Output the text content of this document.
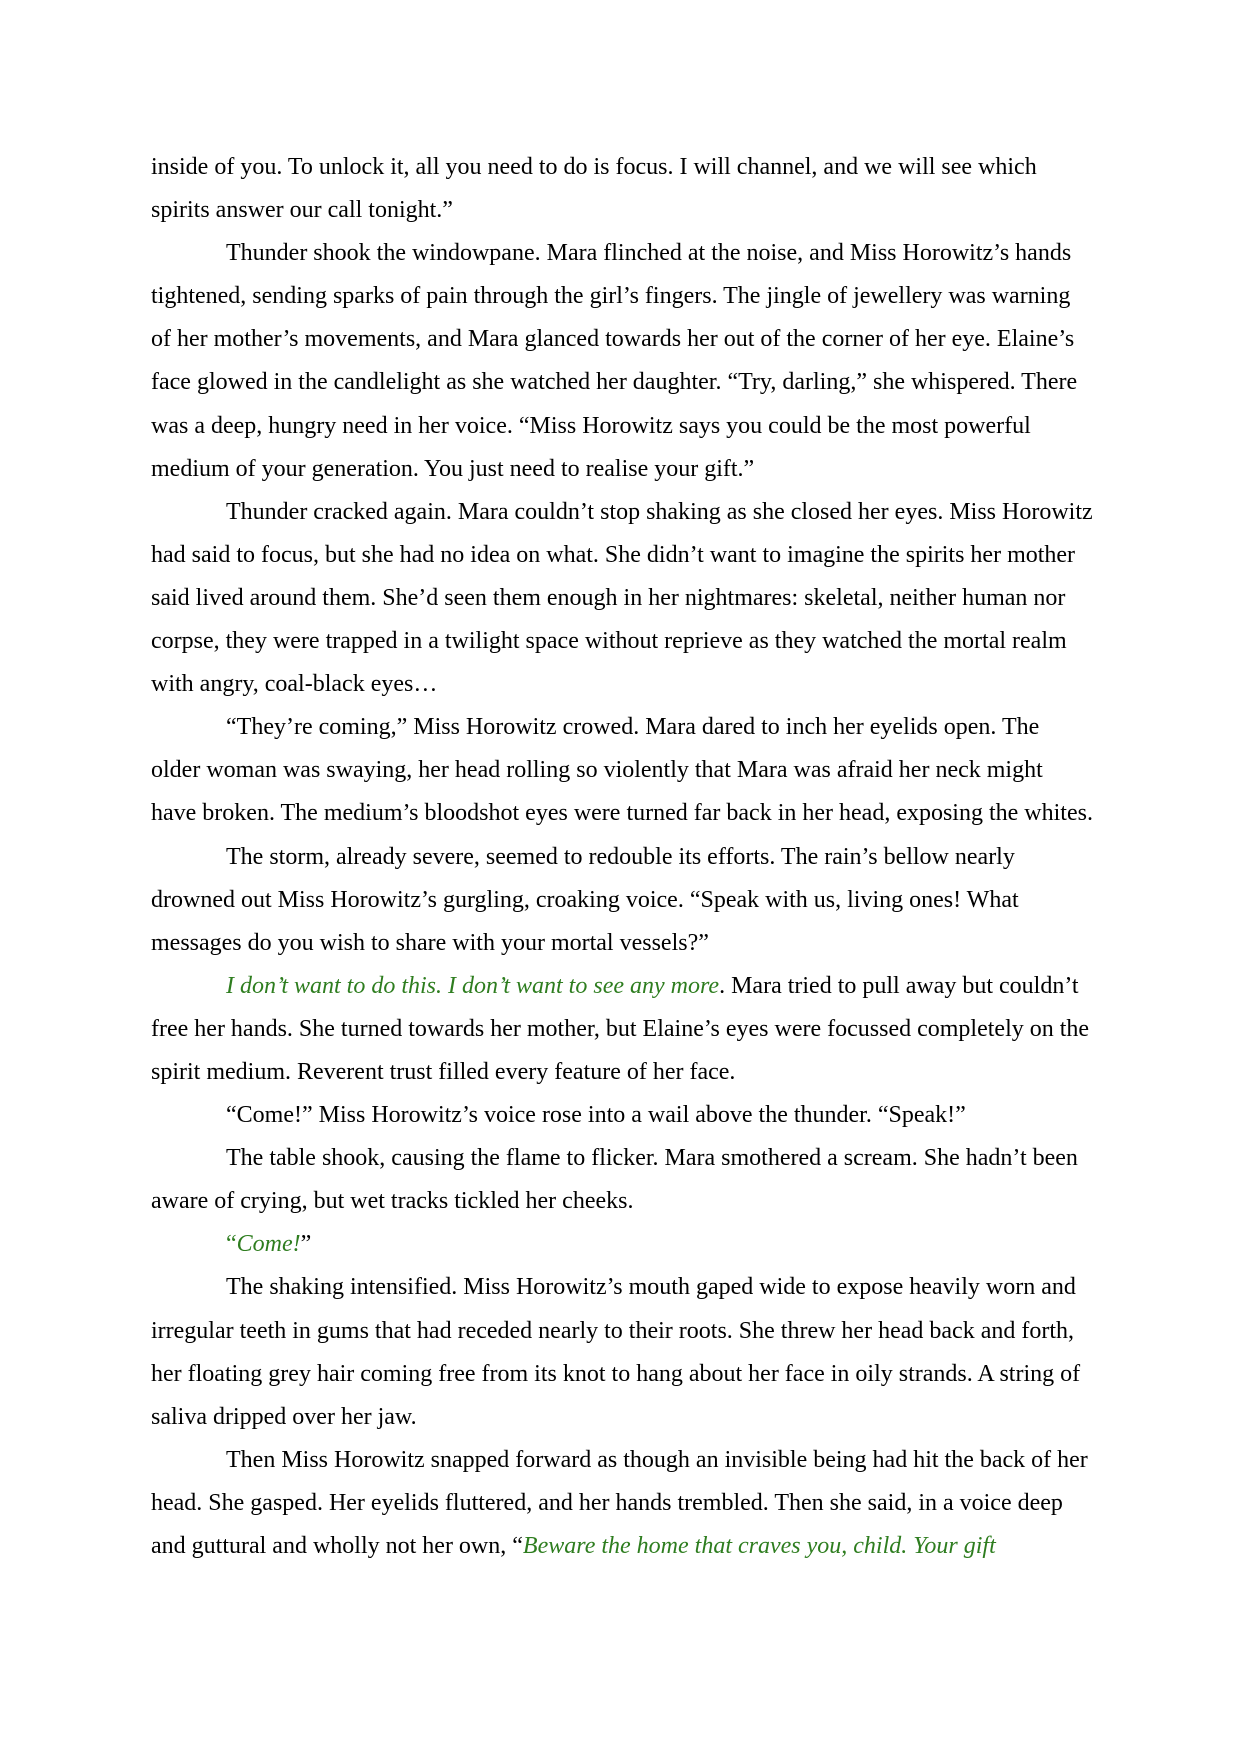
inside of you. To unlock it, all you need to do is focus. I will channel, and we will see which spirits answer our call tonight.”

Thunder shook the windowpane. Mara flinched at the noise, and Miss Horowitz’s hands tightened, sending sparks of pain through the girl’s fingers. The jingle of jewellery was warning of her mother’s movements, and Mara glanced towards her out of the corner of her eye. Elaine’s face glowed in the candlelight as she watched her daughter. “Try, darling,” she whispered. There was a deep, hungry need in her voice. “Miss Horowitz says you could be the most powerful medium of your generation. You just need to realise your gift.”

Thunder cracked again. Mara couldn’t stop shaking as she closed her eyes. Miss Horowitz had said to focus, but she had no idea on what. She didn’t want to imagine the spirits her mother said lived around them. She’d seen them enough in her nightmares: skeletal, neither human nor corpse, they were trapped in a twilight space without reprieve as they watched the mortal realm with angry, coal-black eyes…

“They’re coming,” Miss Horowitz crowed. Mara dared to inch her eyelids open. The older woman was swaying, her head rolling so violently that Mara was afraid her neck might have broken. The medium’s bloodshot eyes were turned far back in her head, exposing the whites.

The storm, already severe, seemed to redouble its efforts. The rain’s bellow nearly drowned out Miss Horowitz’s gurgling, croaking voice. “Speak with us, living ones! What messages do you wish to share with your mortal vessels?”

I don’t want to do this. I don’t want to see any more. Mara tried to pull away but couldn’t free her hands. She turned towards her mother, but Elaine’s eyes were focussed completely on the spirit medium. Reverent trust filled every feature of her face.

“Come!” Miss Horowitz’s voice rose into a wail above the thunder. “Speak!”

The table shook, causing the flame to flicker. Mara smothered a scream. She hadn’t been aware of crying, but wet tracks tickled her cheeks.

“Come!”

The shaking intensified. Miss Horowitz’s mouth gaped wide to expose heavily worn and irregular teeth in gums that had receded nearly to their roots. She threw her head back and forth, her floating grey hair coming free from its knot to hang about her face in oily strands. A string of saliva dripped over her jaw.

Then Miss Horowitz snapped forward as though an invisible being had hit the back of her head. She gasped. Her eyelids fluttered, and her hands trembled. Then she said, in a voice deep and guttural and wholly not her own, “Beware the home that craves you, child. Your gift
